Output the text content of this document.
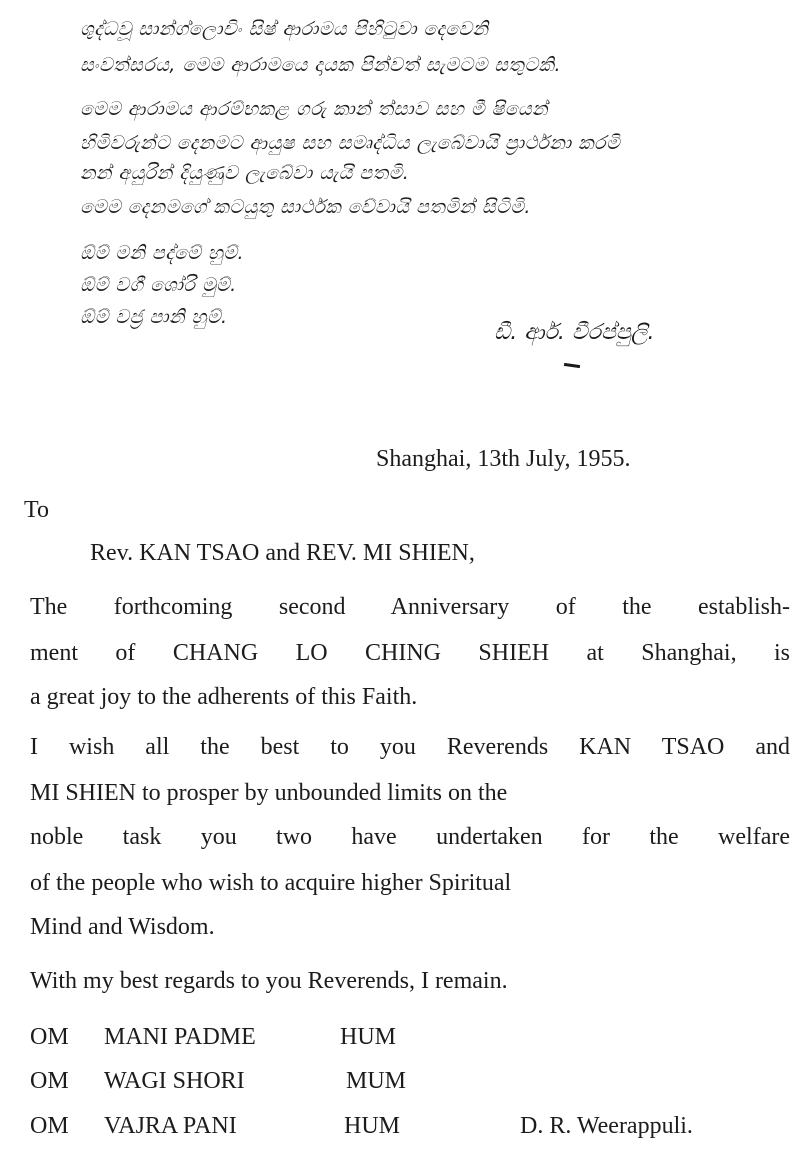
ශුද්ධවූ සාන්ග්ලොචිං සිෂ් ආරාමය පිහිටුවා දෙවෙනි
සංවත්සරය, මෙම ආරාමයෙ දායක පින්වත් සැමටම සතුටකි.
මෙම ආරාමය ආරම්භකළ ගරු කාන් ත්සාව සහ මී ෂියෙන්
හිමිවරුන්ට දෙනමට ආයුෂ සහ සමෘද්ධිය ලැබේවායි ප්‍රාර්ථනා කරමි
නන් අයුරින් දියුණුව ලැබේවා යැයි පතමි.
මෙම දෙනමගේ කටයුතු සාර්ථක වේවායි පතමින් සිටිමි.
ඕම් මනි පද්මේ හුම්.
ඕම් වගී ශෝරි මුම්.
ඕම් වජ්‍ර පානි හුම්.
ඩී. ආර්. වීරප්පුලි.
Shanghai, 13th July, 1955.
To
Rev. KAN TSAO and REV. MI SHIEN,
The forthcoming second Anniversary of the establish-
ment of CHANG LO CHING SHIEH at Shanghai, is
a great joy to the adherents of this Faith.
I wish all the best to you Reverends KAN TSAO and
MI SHIEN to prosper by unbounded limits on the
noble task you two have undertaken for the welfare
of the people who wish to acquire higher Spiritual
Mind and Wisdom.
With my best regards to you Reverends, I remain.
OM MANI PADME	HUM
OM WAGI SHORI	MUM
OM VAJRA PANI	HUM	D. R. Weerappuli.
